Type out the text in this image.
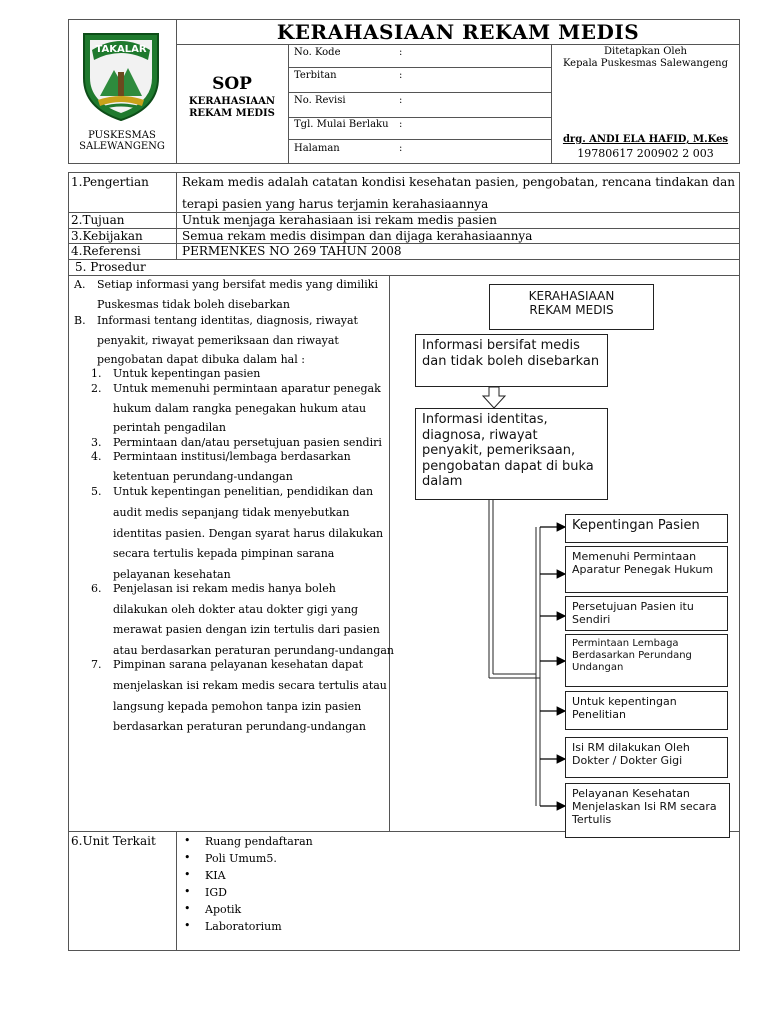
TAKALAR
PUSKESMAS
SALEWANGENG
KERAHASIAAN REKAM MEDIS
SOP
KERAHASIAAN
REKAM MEDIS
No. Kode	:
Terbitan	:
No. Revisi	:
Tgl. Mulai Berlaku :
Halaman	:
Ditetapkan Oleh
Kepala Puskesmas Salewangeng
drg. ANDI ELA HAFID, M.Kes
19780617 200902 2 003
1.Pengertian	Rekam medis adalah catatan kondisi kesehatan pasien, pengobatan, rencana tindakan dan
terapi pasien yang harus terjamin kerahasiaannya
2.Tujuan	Untuk menjaga kerahasiaan isi rekam medis pasien
3.Kebijakan	Semua rekam medis disimpan dan dijaga kerahasiaannya
4.Referensi	PERMENKES NO 269 TAHUN 2008
5. Prosedur
A. Setiap informasi yang bersifat medis yang dimiliki
Puskesmas tidak boleh disebarkan
B. Informasi tentang identitas, diagnosis, riwayat
penyakit, riwayat pemeriksaan dan riwayat
pengobatan dapat dibuka dalam hal :
1. Untuk kepentingan pasien
2. Untuk memenuhi permintaan aparatur penegak
hukum dalam rangka penegakan hukum atau
perintah pengadilan
3. Permintaan dan/atau persetujuan pasien sendiri
4. Permintaan institusi/lembaga berdasarkan
ketentuan perundang-undangan
5. Untuk kepentingan penelitian, pendidikan dan
audit medis sepanjang tidak menyebutkan
identitas pasien. Dengan syarat harus dilakukan
secara tertulis kepada pimpinan sarana
pelayanan kesehatan
6. Penjelasan isi rekam medis hanya boleh
dilakukan oleh dokter atau dokter gigi yang
merawat pasien dengan izin tertulis dari pasien
atau berdasarkan peraturan perundang-undangan
7. Pimpinan sarana pelayanan kesehatan dapat
menjelaskan isi rekam medis secara tertulis atau
langsung kepada pemohon tanpa izin pasien
berdasarkan peraturan perundang-undangan
KERAHASIAAN
REKAM MEDIS
Informasi bersifat medis dan tidak boleh disebarkan
Informasi identitas, diagnosa, riwayat penyakit, pemeriksaan, pengobatan dapat di buka dalam
Kepentingan Pasien
Memenuhi Permintaan Aparatur Penegak Hukum
Persetujuan Pasien itu Sendiri
Permintaan Lembaga Berdasarkan Perundang Undangan
Untuk kepentingan Penelitian
Isi RM dilakukan Oleh Dokter / Dokter Gigi
Pelayanan Kesehatan Menjelaskan Isi RM secara Tertulis
6.Unit Terkait	• Ruang pendaftaran
• Poli Umum5.
• KIA
• IGD
• Apotik
• Laboratorium
